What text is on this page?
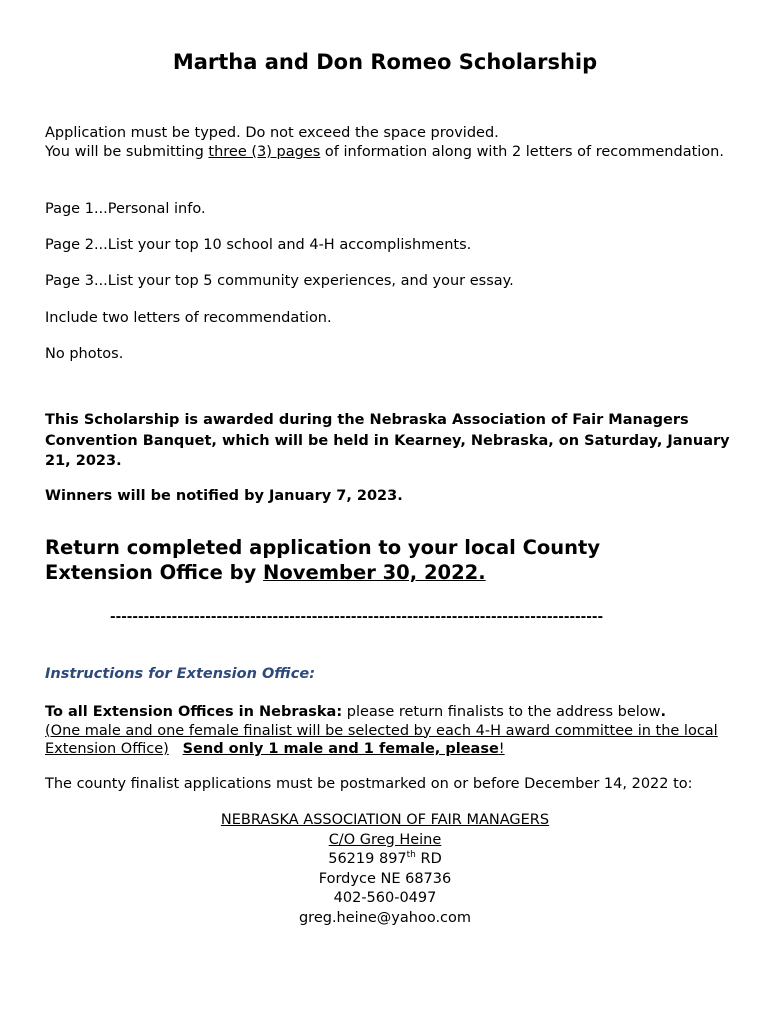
Martha and Don Romeo Scholarship
Application must be typed. Do not exceed the space provided.
You will be submitting three (3) pages of information along with 2 letters of recommendation.
Page 1...Personal info.
Page 2...List your top 10 school and 4-H accomplishments.
Page 3...List your top 5 community experiences, and your essay.
Include two letters of recommendation.
No photos.
This Scholarship is awarded during the Nebraska Association of Fair Managers Convention Banquet, which will be held in Kearney, Nebraska, on Saturday, January 21, 2023.
Winners will be notified by January 7, 2023.
Return completed application to your local County Extension Office by November 30, 2022.
----------------------------------------------------------------------------------------
Instructions for Extension Office:
To all Extension Offices in Nebraska: please return finalists to the address below.
(One male and one female finalist will be selected by each 4-H award committee in the local Extension Office) Send only 1 male and 1 female, please!
The county finalist applications must be postmarked on or before December 14, 2022 to:
NEBRASKA ASSOCIATION OF FAIR MANAGERS
C/O Greg Heine
56219 897th RD
Fordyce NE 68736
402-560-0497
greg.heine@yahoo.com
